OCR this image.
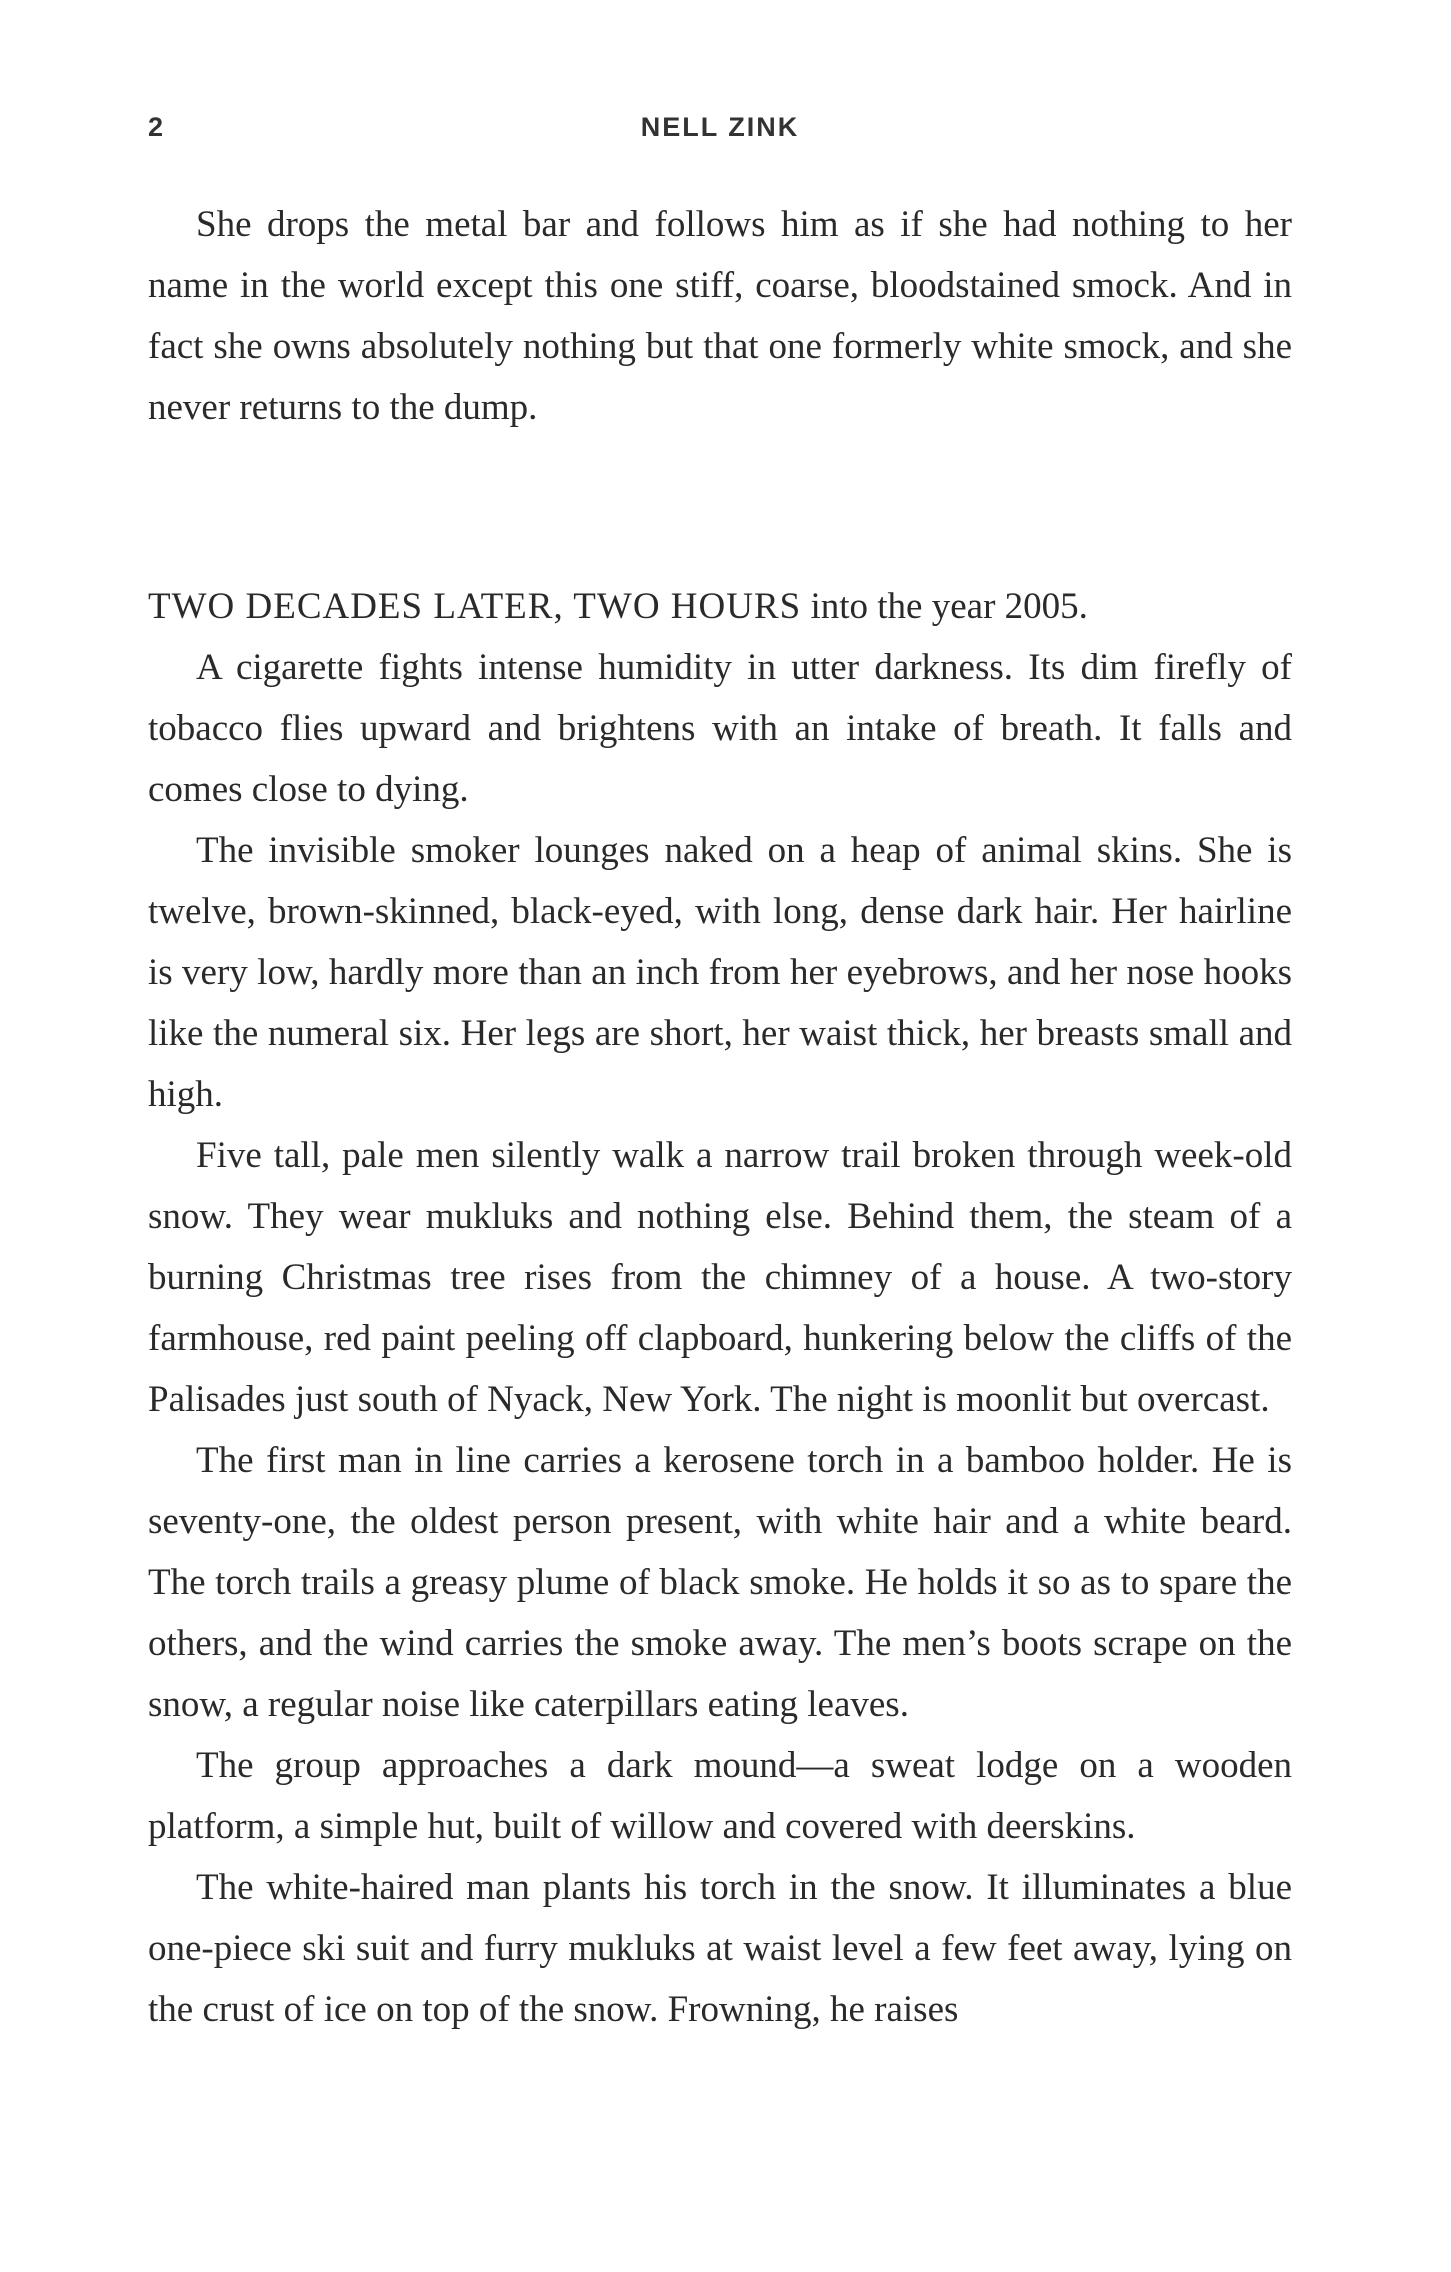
2	NELL ZINK

She drops the metal bar and follows him as if she had nothing to her name in the world except this one stiff, coarse, bloodstained smock. And in fact she owns absolutely nothing but that one formerly white smock, and she never returns to the dump.

TWO DECADES LATER, TWO HOURS into the year 2005.

A cigarette fights intense humidity in utter darkness. Its dim firefly of tobacco flies upward and brightens with an intake of breath. It falls and comes close to dying.

The invisible smoker lounges naked on a heap of animal skins. She is twelve, brown-skinned, black-eyed, with long, dense dark hair. Her hairline is very low, hardly more than an inch from her eyebrows, and her nose hooks like the numeral six. Her legs are short, her waist thick, her breasts small and high.

Five tall, pale men silently walk a narrow trail broken through week-old snow. They wear mukluks and nothing else. Behind them, the steam of a burning Christmas tree rises from the chimney of a house. A two-story farmhouse, red paint peeling off clapboard, hunkering below the cliffs of the Palisades just south of Nyack, New York. The night is moonlit but overcast.

The first man in line carries a kerosene torch in a bamboo holder. He is seventy-one, the oldest person present, with white hair and a white beard. The torch trails a greasy plume of black smoke. He holds it so as to spare the others, and the wind carries the smoke away. The men’s boots scrape on the snow, a regular noise like caterpillars eating leaves.

The group approaches a dark mound—a sweat lodge on a wooden platform, a simple hut, built of willow and covered with deerskins.

The white-haired man plants his torch in the snow. It illuminates a blue one-piece ski suit and furry mukluks at waist level a few feet away, lying on the crust of ice on top of the snow. Frowning, he raises
